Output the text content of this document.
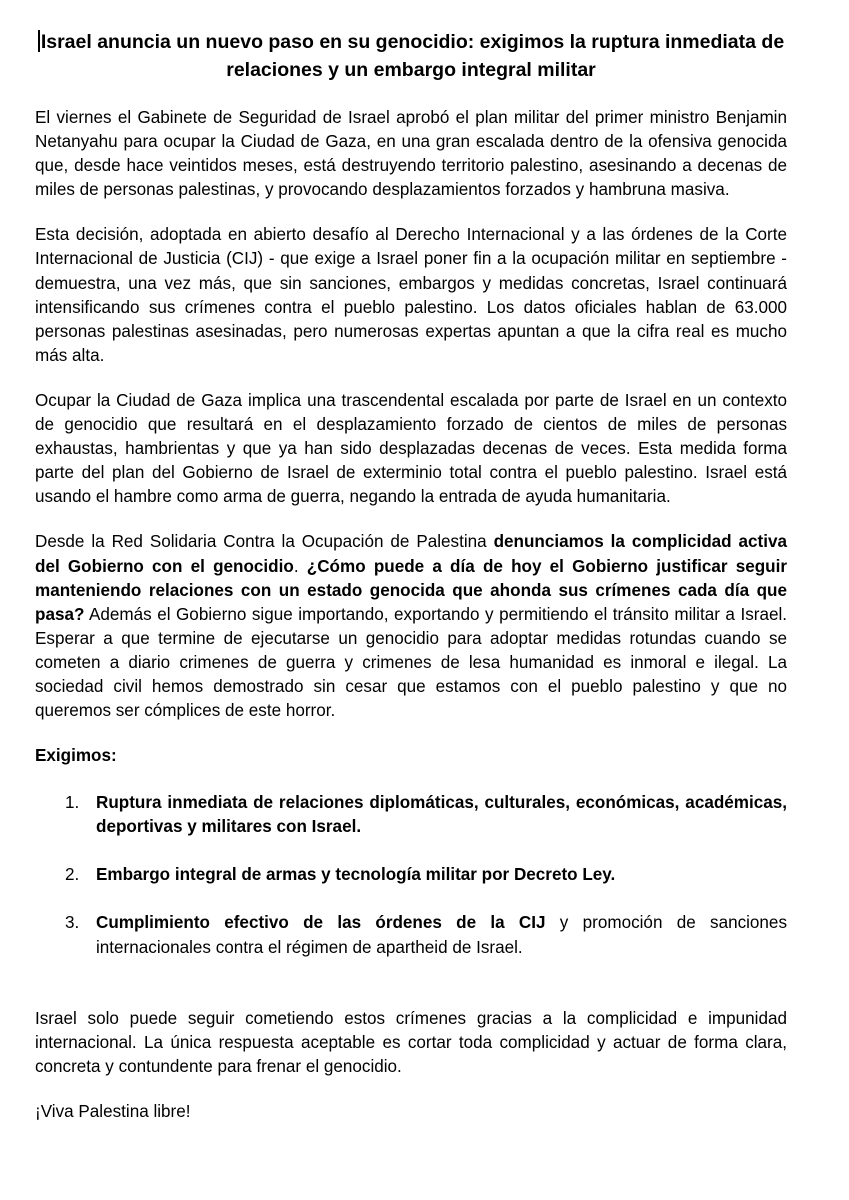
Israel anuncia un nuevo paso en su genocidio: exigimos la ruptura inmediata de relaciones y un embargo integral militar

El viernes el Gabinete de Seguridad de Israel aprobó el plan militar del primer ministro Benjamin Netanyahu para ocupar la Ciudad de Gaza, en una gran escalada dentro de la ofensiva genocida que, desde hace veintidos meses, está destruyendo territorio palestino, asesinando a decenas de miles de personas palestinas, y provocando desplazamientos forzados y hambruna masiva.

Esta decisión, adoptada en abierto desafío al Derecho Internacional y a las órdenes de la Corte Internacional de Justicia (CIJ) - que exige a Israel poner fin a la ocupación militar en septiembre - demuestra, una vez más, que sin sanciones, embargos y medidas concretas, Israel continuará intensificando sus crímenes contra el pueblo palestino. Los datos oficiales hablan de 63.000 personas palestinas asesinadas, pero numerosas expertas apuntan a que la cifra real es mucho más alta.

Ocupar la Ciudad de Gaza implica una trascendental escalada por parte de Israel en un contexto de genocidio que resultará en el desplazamiento forzado de cientos de miles de personas exhaustas, hambrientas y que ya han sido desplazadas decenas de veces. Esta medida forma parte del plan del Gobierno de Israel de exterminio total contra el pueblo palestino. Israel está usando el hambre como arma de guerra, negando la entrada de ayuda humanitaria.

Desde la Red Solidaria Contra la Ocupación de Palestina denunciamos la complicidad activa del Gobierno con el genocidio. ¿Cómo puede a día de hoy el Gobierno justificar seguir manteniendo relaciones con un estado genocida que ahonda sus crímenes cada día que pasa? Además el Gobierno sigue importando, exportando y permitiendo el tránsito militar a Israel. Esperar a que termine de ejecutarse un genocidio para adoptar medidas rotundas cuando se cometen a diario crimenes de guerra y crimenes de lesa humanidad es inmoral e ilegal. La sociedad civil hemos demostrado sin cesar que estamos con el pueblo palestino y que no queremos ser cómplices de este horror.

Exigimos:
1. Ruptura inmediata de relaciones diplomáticas, culturales, económicas, académicas, deportivas y militares con Israel.
2. Embargo integral de armas y tecnología militar por Decreto Ley.
3. Cumplimiento efectivo de las órdenes de la CIJ y promoción de sanciones internacionales contra el régimen de apartheid de Israel.

Israel solo puede seguir cometiendo estos crímenes gracias a la complicidad e impunidad internacional. La única respuesta aceptable es cortar toda complicidad y actuar de forma clara, concreta y contundente para frenar el genocidio.

¡Viva Palestina libre!
